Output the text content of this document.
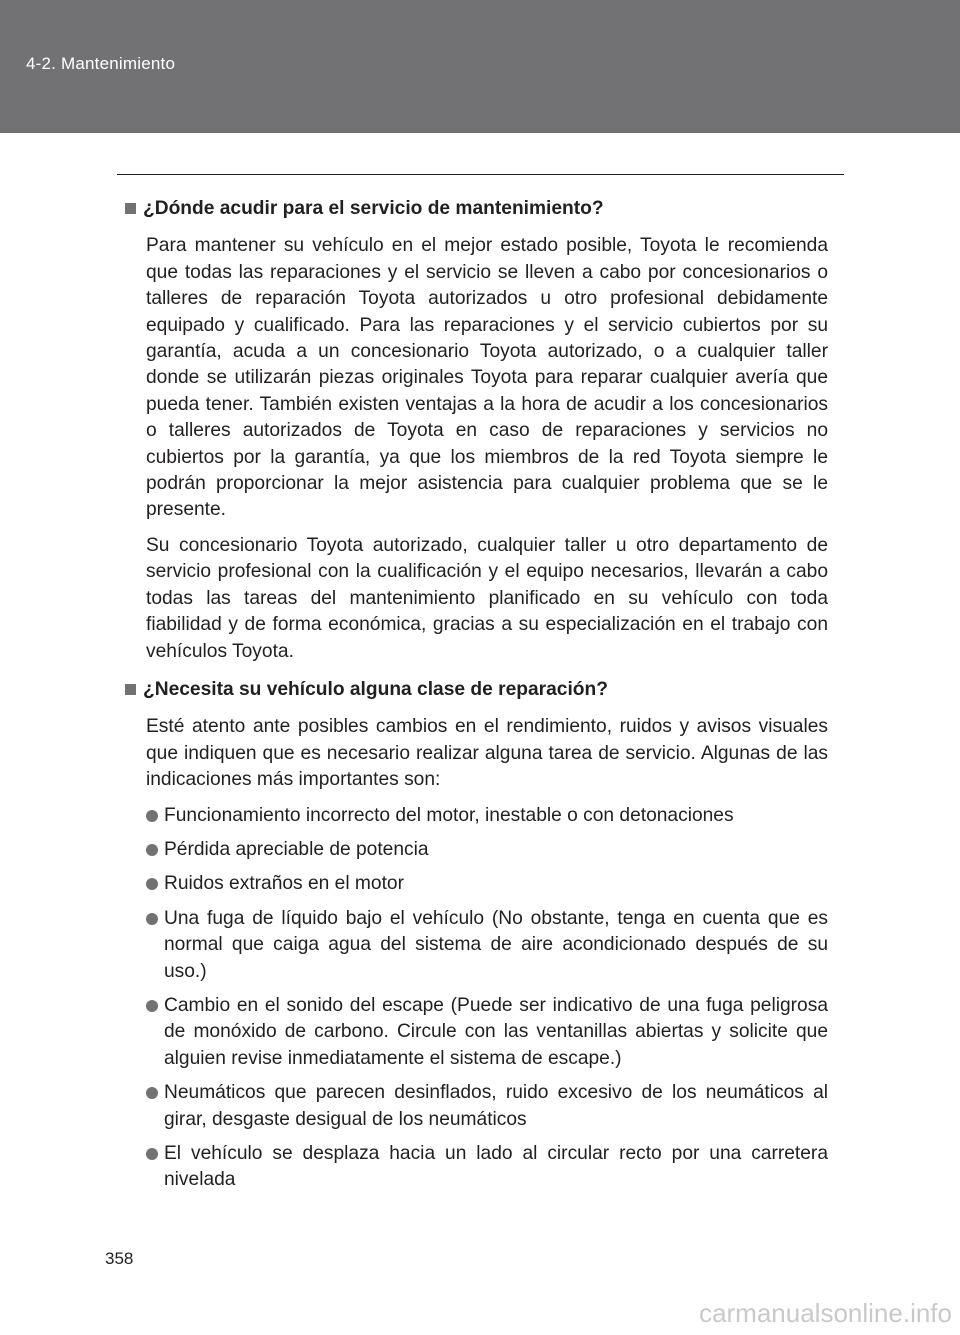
4-2. Mantenimiento
¿Dónde acudir para el servicio de mantenimiento?

Para mantener su vehículo en el mejor estado posible, Toyota le recomienda que todas las reparaciones y el servicio se lleven a cabo por concesionarios o talleres de reparación Toyota autorizados u otro profesional debidamente equipado y cualificado. Para las reparaciones y el servicio cubiertos por su garantía, acuda a un concesionario Toyota autorizado, o a cualquier taller donde se utilizarán piezas originales Toyota para reparar cualquier avería que pueda tener. También existen ventajas a la hora de acudir a los concesionarios o talleres autorizados de Toyota en caso de reparaciones y servicios no cubiertos por la garantía, ya que los miembros de la red Toyota siempre le podrán proporcionar la mejor asistencia para cualquier problema que se le presente.

Su concesionario Toyota autorizado, cualquier taller u otro departamento de servicio profesional con la cualificación y el equipo necesarios, llevarán a cabo todas las tareas del mantenimiento planificado en su vehículo con toda fiabilidad y de forma económica, gracias a su especialización en el trabajo con vehículos Toyota.

¿Necesita su vehículo alguna clase de reparación?

Esté atento ante posibles cambios en el rendimiento, ruidos y avisos visuales que indiquen que es necesario realizar alguna tarea de servicio. Algunas de las indicaciones más importantes son:

Funcionamiento incorrecto del motor, inestable o con detonaciones
Pérdida apreciable de potencia
Ruidos extraños en el motor
Una fuga de líquido bajo el vehículo (No obstante, tenga en cuenta que es normal que caiga agua del sistema de aire acondicionado después de su uso.)
Cambio en el sonido del escape (Puede ser indicativo de una fuga peligrosa de monóxido de carbono. Circule con las ventanillas abiertas y solicite que alguien revise inmediatamente el sistema de escape.)
Neumáticos que parecen desinflados, ruido excesivo de los neumáticos al girar, desgaste desigual de los neumáticos
El vehículo se desplaza hacia un lado al circular recto por una carretera nivelada
358
carmanualsonline.info
